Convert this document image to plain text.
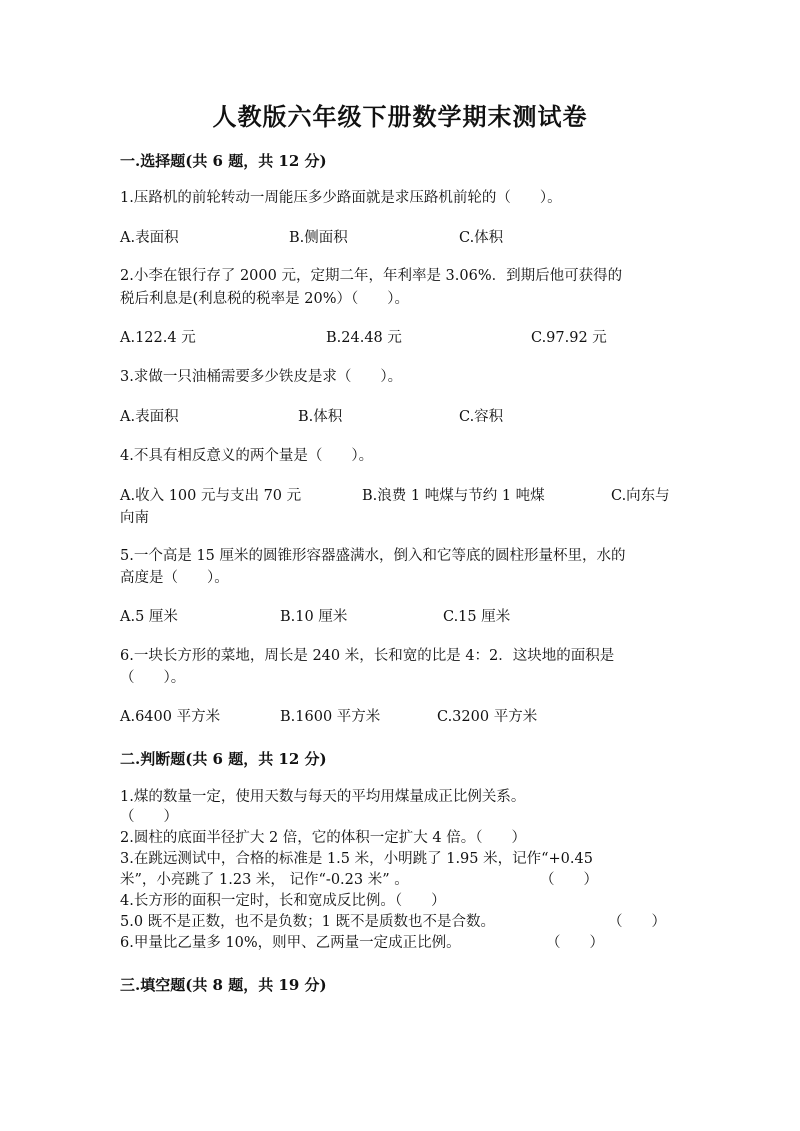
人教版六年级下册数学期末测试卷
一.选择题(共 6 题，共 12 分)
1.压路机的前轮转动一周能压多少路面就是求压路机前轮的（　　）。
A.表面积	B.侧面积	C.体积
2.小李在银行存了 2000 元，定期二年，年利率是 3.06%．到期后他可获得的
税后利息是(利息税的税率是 20%）（　　）。
A.122.4 元	B.24.48 元	C.97.92 元
3.求做一只油桶需要多少铁皮是求（　　）。
A.表面积	B.体积	C.容积
4.不具有相反意义的两个量是（　　）。
A.收入 100 元与支出 70 元	B.浪费 1 吨煤与节约 1 吨煤	C.向东与
向南
5.一个高是 15 厘米的圆锥形容器盛满水，倒入和它等底的圆柱形量杯里，水的
高度是（　　）。
A.5 厘米	B.10 厘米	C.15 厘米
6.一块长方形的菜地，周长是 240 米，长和宽的比是 4：2．这块地的面积是
（　　）。
A.6400 平方米	B.1600 平方米	C.3200 平方米
二.判断题(共 6 题，共 12 分)
1.煤的数量一定，使用天数与每天的平均用煤量成正比例关系。
（　　）
2.圆柱的底面半径扩大 2 倍，它的体积一定扩大 4 倍。（　　）
3.在跳远测试中，合格的标准是 1.5 米，小明跳了 1.95 米，记作“+0.45
米”，小亮跳了 1.23 米， 记作“-0.23 米” 。	（　　）
4.长方形的面积一定时，长和宽成反比例。（　　）
5.0 既不是正数，也不是负数；1 既不是质数也不是合数。	（　　）
6.甲量比乙量多 10%，则甲、乙两量一定成正比例。	（　　）
三.填空题(共 8 题，共 19 分)
